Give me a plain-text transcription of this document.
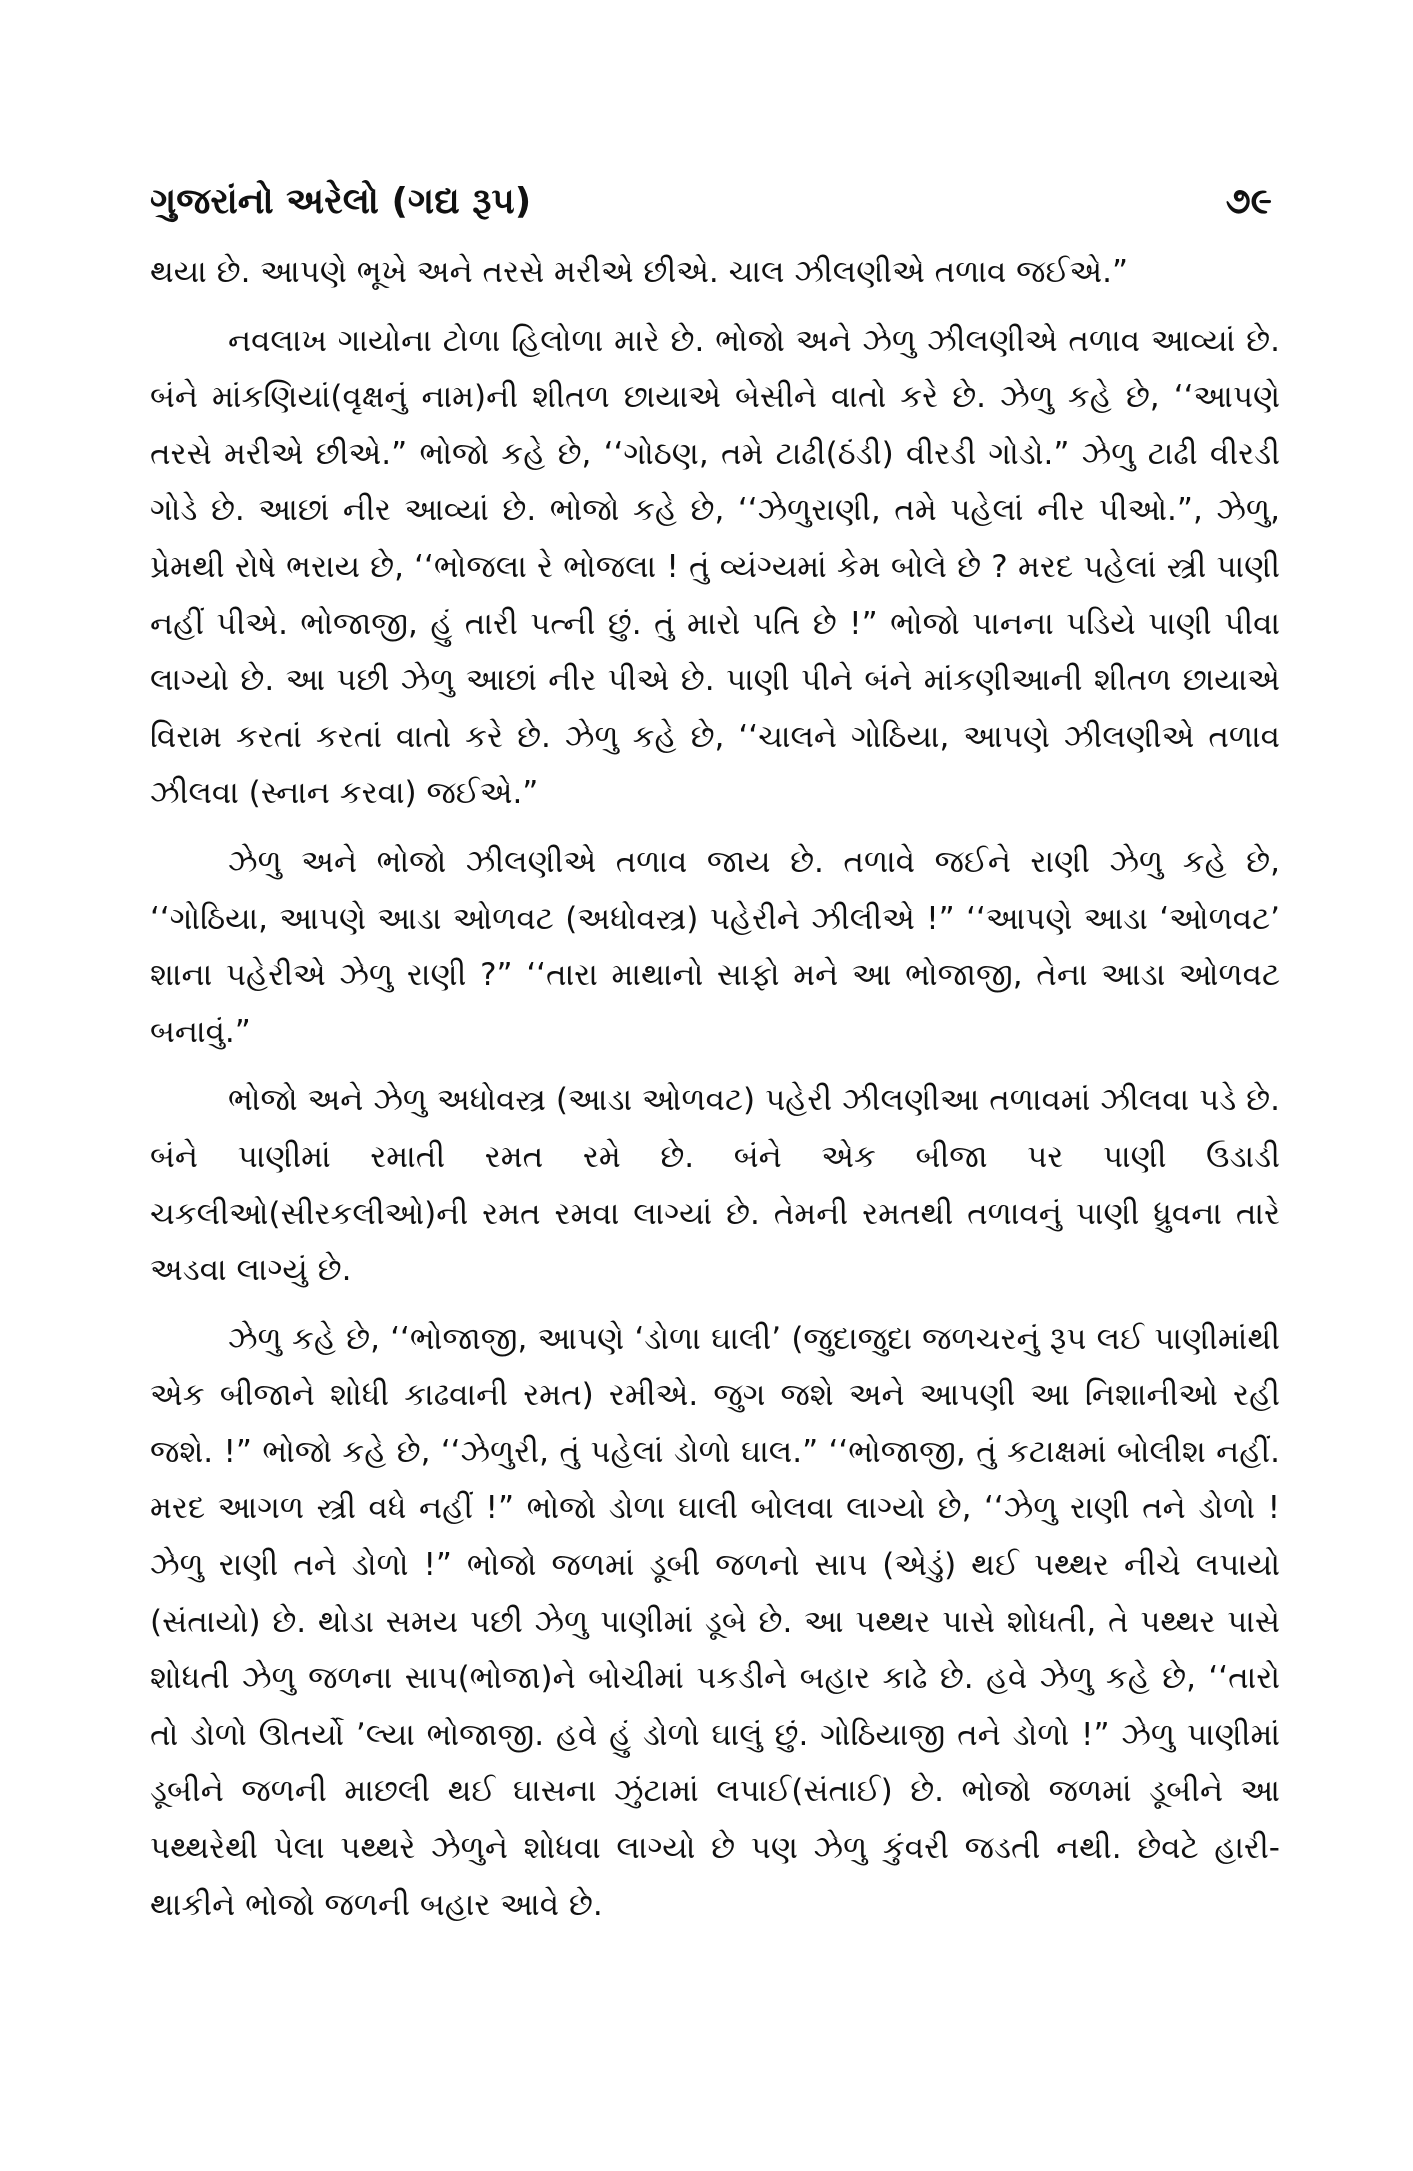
ગુજરાંનો અરેલો (ગદ્ય રૂપ)	૭૯

થયા છે. આપણે ભૂખે અને તરસે મરીએ છીએ. ચાલ ઝીલણીએ તળાવ જઈએ.”

નવલાખ ગાયોના ટોળા હિલોળા મારે છે. ભોજો અને ઝેળુ ઝીલણીએ તળાવ આવ્યાં છે. બંને માંકણિયાં(વૃક્ષનું નામ)ની શીતળ છાયાએ બેસીને વાતો કરે છે. ઝેળુ કહે છે, ‘‘આપણે તરસે મરીએ છીએ.” ભોજો કહે છે, ‘‘ગોઠણ, તમે ટાઢી(ઠંડી) વીરડી ગોડો.” ઝેળુ ટાઢી વીરડી ગોડે છે. આછાં નીર આવ્યાં છે. ભોજો કહે છે, ‘‘ઝેળુરાણી, તમે પહેલાં નીર પીઓ.”, ઝેળુ, પ્રેમથી રોષે ભરાય છે, ‘‘ભોજલા રે ભોજલા ! તું વ્યંગ્યમાં કેમ બોલે છે ? મરદ પહેલાં સ્ત્રી પાણી નહીં પીએ. ભોજાજી, હું તારી પત્ની છું. તું મારો પતિ છે !” ભોજો પાનના પડિયે પાણી પીવા લાગ્યો છે. આ પછી ઝેળુ આછાં નીર પીએ છે. પાણી પીને બંને માંકણીઆની શીતળ છાયાએ વિરામ કરતાં કરતાં વાતો કરે છે. ઝેળુ કહે છે, ‘‘ચાલને ગોઠિયા, આપણે ઝીલણીએ તળાવ ઝીલવા (સ્નાન કરવા) જઈએ.”

ઝેળુ અને ભોજો ઝીલણીએ તળાવ જાય છે. તળાવે જઈને રાણી ઝેળુ કહે છે, ‘‘ગોઠિયા, આપણે આડા ઓળવટ (અધોવસ્ત્ર) પહેરીને ઝીલીએ !” ‘‘આપણે આડા ‘ઓળવટ’ શાના પહેરીએ ઝેળુ રાણી ?” ‘‘તારા માથાનો સાફો મને આ ભોજાજી, તેના આડા ઓળવટ બનાવું.”

ભોજો અને ઝેળુ અધોવસ્ત્ર (આડા ઓળવટ) પહેરી ઝીલણીઆ તળાવમાં ઝીલવા પડે છે. બંને પાણીમાં રમાતી રમત રમે છે. બંને એક બીજા પર પાણી ઉડાડી ચકલીઓ(સીરકલીઓ)ની રમત રમવા લાગ્યાં છે. તેમની રમતથી તળાવનું પાણી ધ્રુવના તારે અડવા લાગ્યું છે.

ઝેળુ કહે છે, ‘‘ભોજાજી, આપણે ‘ડોળા ઘાલી’ (જુદાજુદા જળચરનું રૂપ લઈ પાણીમાંથી એક બીજાને શોધી કાઢવાની રમત) રમીએ. જુગ જશે અને આપણી આ નિશાનીઓ રહી જશે. !” ભોજો કહે છે, ‘‘ઝેળુરી, તું પહેલાં ડોળો ઘાલ.” ‘‘ભોજાજી, તું કટાક્ષમાં બોલીશ નહીં. મરદ આગળ સ્ત્રી વધે નહીં !” ભોજો ડોળા ઘાલી બોલવા લાગ્યો છે, ‘‘ઝેળુ રાણી તને ડોળો ! ઝેળુ રાણી તને ડોળો !” ભોજો જળમાં ડૂબી જળનો સાપ (એડું) થઈ પથ્થર નીચે લપાયો (સંતાયો) છે. થોડા સમય પછી ઝેળુ પાણીમાં ડૂબે છે. આ પથ્થર પાસે શોધતી, તે પથ્થર પાસે શોધતી ઝેળુ જળના સાપ(ભોજા)ને બોચીમાં પકડીને બહાર કાઢે છે. હવે ઝેળુ કહે છે, ‘‘તારો તો ડોળો ઊતર્યો ’લ્યા ભોજાજી. હવે હું ડોળો ઘાલું છું. ગોઠિયાજી તને ડોળો !” ઝેળુ પાણીમાં ડૂબીને જળની માછલી થઈ ઘાસના ઝુંટામાં લપાઈ(સંતાઈ) છે. ભોજો જળમાં ડૂબીને આ પથ્થરેથી પેલા પથ્થરે ઝેળુને શોધવા લાગ્યો છે પણ ઝેળુ કુંવરી જડતી નથી. છેવટે હારી-થાકીને ભોજો જળની બહાર આવે છે.
